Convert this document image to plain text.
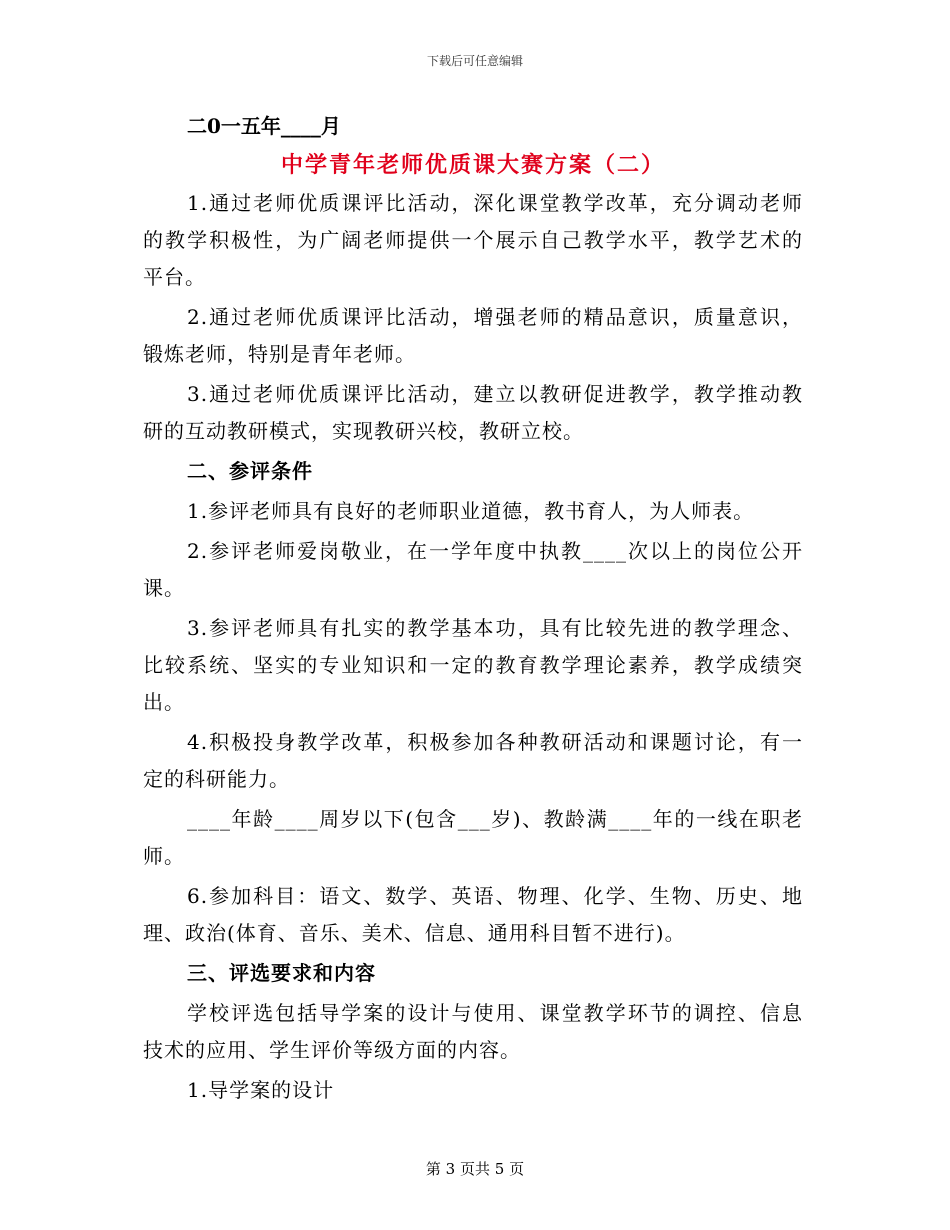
下载后可任意编辑
二0一五年____月
中学青年老师优质课大赛方案（二）
1.通过老师优质课评比活动，深化课堂教学改革，充分调动老师
的教学积极性，为广阔老师提供一个展示自己教学水平，教学艺术的
平台。
2.通过老师优质课评比活动，增强老师的精品意识，质量意识，
锻炼老师，特别是青年老师。
3.通过老师优质课评比活动，建立以教研促进教学，教学推动教
研的互动教研模式，实现教研兴校，教研立校。
二、参评条件
1.参评老师具有良好的老师职业道德，教书育人，为人师表。
2.参评老师爱岗敬业，在一学年度中执教____次以上的岗位公开
课。
3.参评老师具有扎实的教学基本功，具有比较先进的教学理念、
比较系统、坚实的专业知识和一定的教育教学理论素养，教学成绩突
出。
4.积极投身教学改革，积极参加各种教研活动和课题讨论，有一
定的科研能力。
____年龄____周岁以下(包含___岁)、教龄满____年的一线在职老
师。
6.参加科目：语文、数学、英语、物理、化学、生物、历史、地
理、政治(体育、音乐、美术、信息、通用科目暂不进行)。
三、评选要求和内容
学校评选包括导学案的设计与使用、课堂教学环节的调控、信息
技术的应用、学生评价等级方面的内容。
1.导学案的设计
第 3 页共 5 页
